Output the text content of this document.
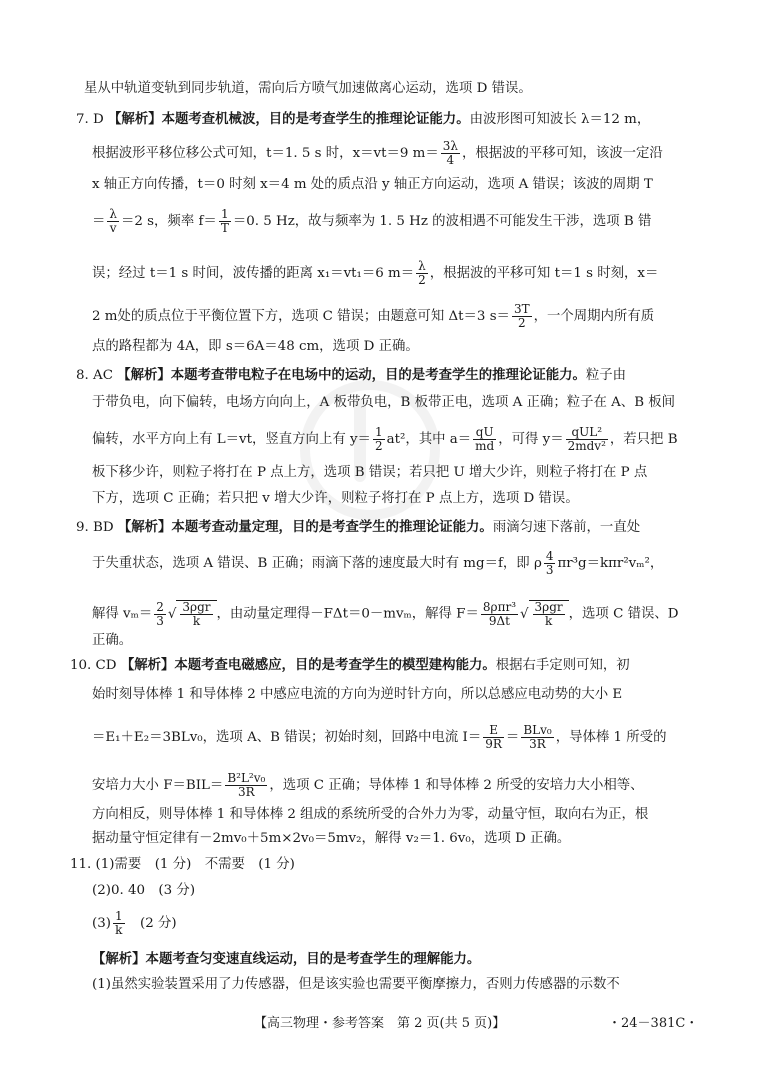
星从中轨道变轨到同步轨道，需向后方喷气加速做离心运动，选项 D 错误。
7. D 【解析】本题考查机械波，目的是考查学生的推理论证能力。由波形图可知波长 λ＝12 m，
根据波形平移位移公式可知，t＝1. 5 s 时，x＝vt＝9 $m= \frac{3\lambda}{4}$ ，根据波的平移可知，该波一定沿
x 轴正方向传播，t＝0 时刻 x＝4 m 处的质点沿 y 轴正方向运动，选项 A 错误；该波的周期 T
＝ $\frac{\lambda}{v} =2$ s，频率 $f= \frac{1}{T} =0$. 5 Hz，故与频率为 1. 5 Hz 的波相遇不可能发生干涉，选项 B 错
误；经过 t＝1 s 时间，波传播的距离 x₁＝vt₁＝6 $m= \frac{\lambda}{2}$ ，根据波的平移可知 t＝1 s 时刻，x＝
2 m处的质点位于平衡位置下方，选项 C 错误；由题意可知 Δt＝3 $s= \frac{3T}{2}$ ，一个周期内所有质
点的路程都为 4A，即 s＝6A＝48 cm，选项 D 正确。
8. AC 【解析】本题考查带电粒子在电场中的运动，目的是考查学生的推理论证能力。粒子由
于带负电，向下偏转，电场方向向上，A 板带负电，B 板带正电，选项 A 正确；粒子在 A、B 板间
偏转，水平方向上有 L＝vt，竖直方向上有 $y= \frac{1}{2} at^2$，其中 $a= \frac{qU}{md}$ ，可得 $y= \frac{\text{qUL²}}{\text{2mdv²}}$ ，若只把 B
板下移少许，则粒子将打在 P 点上方，选项 B 错误；若只把 U 增大少许，则粒子将打在 P 点
下方，选项 C 正确；若只把 v 增大少许，则粒子将打在 P 点上方，选项 D 错误。
9. BD 【解析】本题考查动量定理，目的是考查学生的推理论证能力。雨滴匀速下落前，一直处
于失重状态，选项 A 错误、B 正确；雨滴下落的速度最大时有 mg＝f，即 ρ $\frac{4}{3} \pi r^3g=k\pi r^2v_m^2$，
解得 $v_m= \frac{2}{3}$ √ $\frac{\text{3ρgr}}{k}$ ，由动量定理得－FΔt＝0－mvₘ，解得 $F= \frac{\text{8ρπr³}}{9\Delta t}$ √ $\frac{\text{3ρgr}}{k}$ ，选项 C 错误、D
正确。
10. CD 【解析】本题考查电磁感应，目的是考查学生的模型建构能力。根据右手定则可知，初
始时刻导体棒 1 和导体棒 2 中感应电流的方向为逆时针方向，所以总感应电动势的大小 E
＝E₁＋E₂＝3BLv₀，选项 A、B 错误；初始时刻，回路中电流 $I= \frac{E}{9R} = \frac{\text{BLv₀}}{3R}$ ，导体棒 1 所受的
安培力大小 $F=BIL= \frac{\text{B²L²v₀}}{3R}$ ，选项 C 正确；导体棒 1 和导体棒 2 所受的安培力大小相等、
方向相反，则导体棒 1 和导体棒 2 组成的系统所受的合外力为零，动量守恒，取向右为正，根
据动量守恒定律有－2mv₀＋5m×2v₀＝5mv₂，解得 v₂＝1. 6v₀，选项 D 正确。
11. (1)需要　(1 分)　不需要　(1 分)
(2)0. 40　(3 分)
$(3) \frac{1}{k}$ 　(2 分)
【解析】本题考查匀变速直线运动，目的是考查学生的理解能力。
(1)虽然实验装置采用了力传感器，但是该实验也需要平衡摩擦力，否则力传感器的示数不
【高三物理・参考答案　第 2 页(共 5 页)】	・24－381C・
